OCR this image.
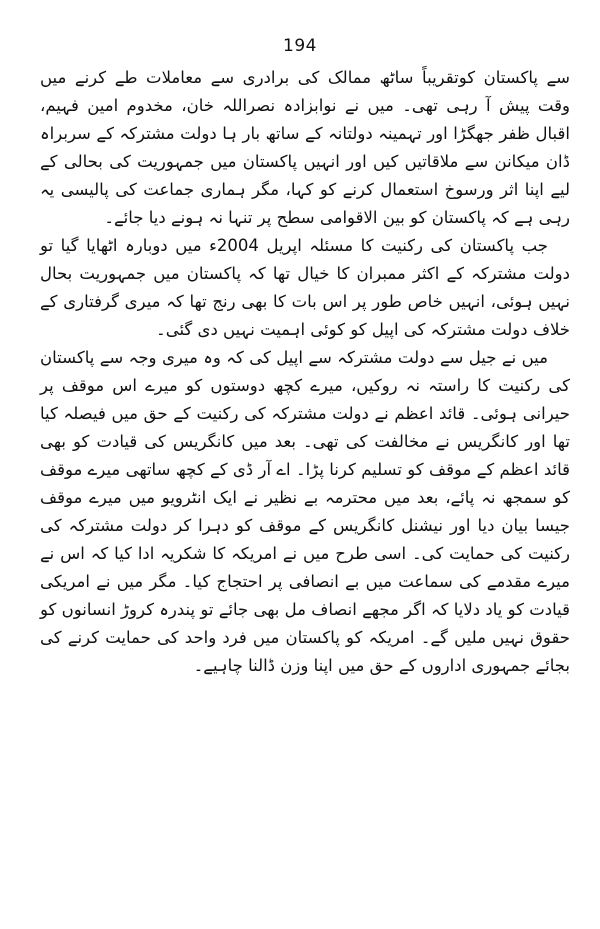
194

سے پاکستان کوتقریباً ساٹھ ممالک کی برادری سے معاملات طے کرنے میں وقت پیش آ رہی تھی۔ میں نے نوابزادہ نصراللہ خان، مخدوم امین فہیم، اقبال ظفر جھگڑا اور تہمینہ دولتانہ کے ساتھ بار ہا دولت مشترکہ کے سربراہ ڈان میکانن سے ملاقاتیں کیں اور انہیں پاکستان میں جمہوریت کی بحالی کے لیے اپنا اثر ورسوخ استعمال کرنے کو کہا، مگر ہماری جماعت کی پالیسی یہ رہی ہے کہ پاکستان کو بین الاقوامی سطح پر تنہا نہ ہونے دیا جائے۔

جب پاکستان کی رکنیت کا مسئلہ اپریل 2004ء میں دوبارہ اٹھایا گیا تو دولت مشترکہ کے اکثر ممبران کا خیال تھا کہ پاکستان میں جمہوریت بحال نہیں ہوئی، انہیں خاص طور پر اس بات کا بھی رنج تھا کہ میری گرفتاری کے خلاف دولت مشترکہ کی اپیل کو کوئی اہمیت نہیں دی گئی۔

میں نے جیل سے دولت مشترکہ سے اپیل کی کہ وہ میری وجہ سے پاکستان کی رکنیت کا راستہ نہ روکیں، میرے کچھ دوستوں کو میرے اس موقف پر حیرانی ہوئی۔ قائد اعظم نے دولت مشترکہ کی رکنیت کے حق میں فیصلہ کیا تھا اور کانگریس نے مخالفت کی تھی۔ بعد میں کانگریس کی قیادت کو بھی قائد اعظم کے موقف کو تسلیم کرنا پڑا۔ اے آر ڈی کے کچھ ساتھی میرے موقف کو سمجھ نہ پائے، بعد میں محترمہ بے نظیر نے ایک انٹرویو میں میرے موقف جیسا بیان دیا اور نیشنل کانگریس کے موقف کو دہرا کر دولت مشترکہ کی رکنیت کی حمایت کی۔ اسی طرح میں نے امریکہ کا شکریہ ادا کیا کہ اس نے میرے مقدمے کی سماعت میں بے انصافی پر احتجاج کیا۔ مگر میں نے امریکی قیادت کو یاد دلایا کہ اگر مجھے انصاف مل بھی جائے تو پندرہ کروڑ انسانوں کو حقوق نہیں ملیں گے۔ امریکہ کو پاکستان میں فرد واحد کی حمایت کرنے کی بجائے جمہوری اداروں کے حق میں اپنا وزن ڈالنا چاہیے۔
